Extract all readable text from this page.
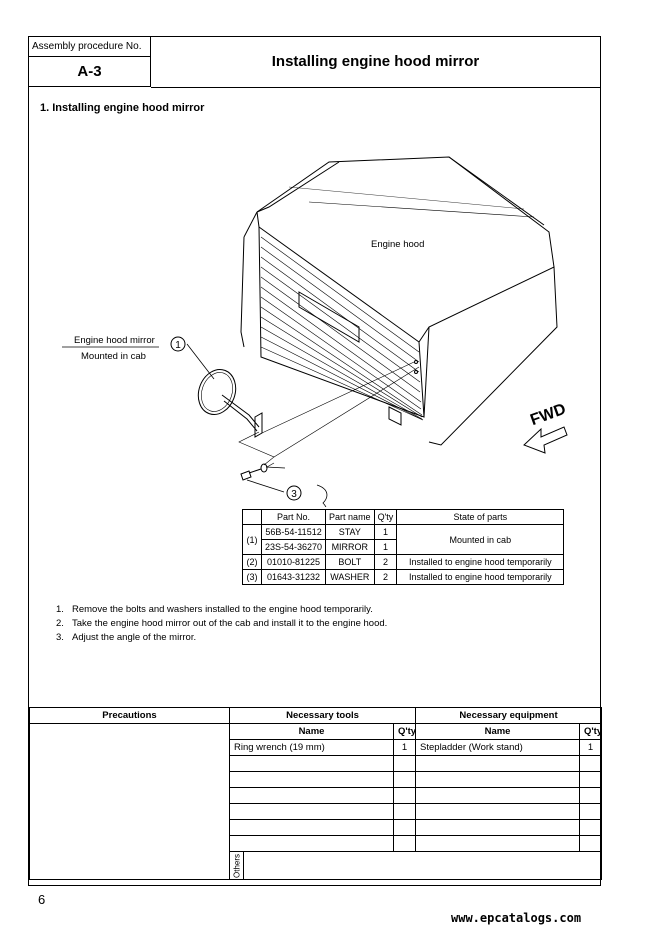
Assembly procedure No.
A-3
Installing engine hood mirror
1. Installing engine hood mirror
1
3
Engine hood
Engine hood mirror
Mounted in cab
FWD
	Part No.	Part name	Q'ty	State of parts
(1)	56B-54-11512	STAY	1	Mounted in cab
	23S-54-36270	MIRROR	1	
(2)	01010-81225	BOLT	2	Installed to engine hood temporarily
(3)	01643-31232	WASHER	2	Installed to engine hood temporarily
1. Remove the bolts and washers installed to the engine hood temporarily.
2. Take the engine hood mirror out of the cab and install it to the engine hood.
3. Adjust the angle of the mirror.
Precautions	Necessary tools			Necessary equipment	
	Name		Q'ty	Name	Q'ty
	Ring wrench (19 mm)		1	Stepladder (Work stand)	1

	Others				
6
www.epcatalogs.com
